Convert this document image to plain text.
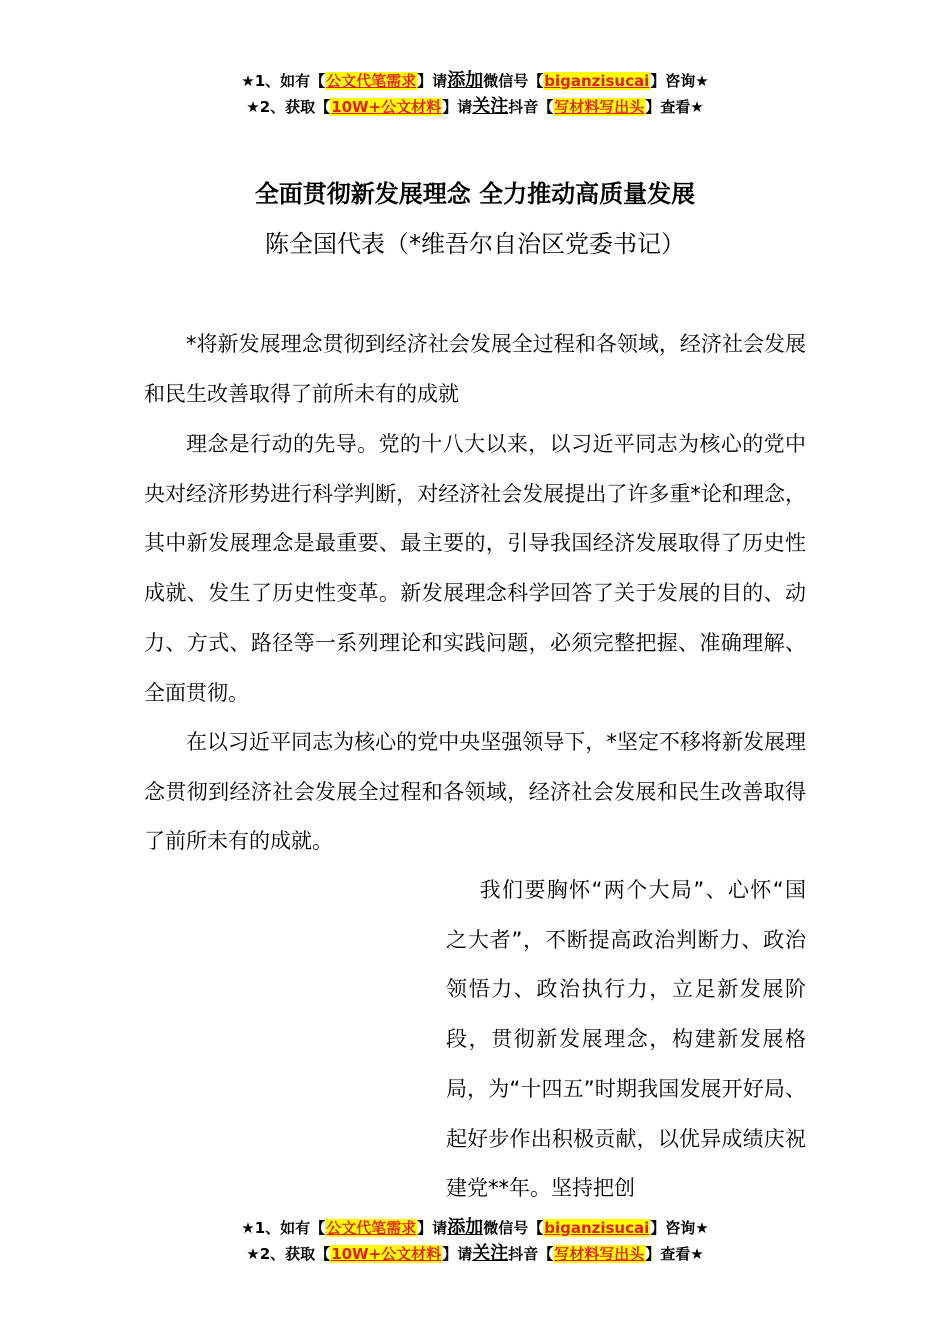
★1、如有【公文代笔需求】请添加微信号【biganzisucai】咨询★
★2、获取【10W+公文材料】请关注抖音【写材料写出头】查看★
全面贯彻新发展理念 全力推动高质量发展
陈全国代表（*维吾尔自治区党委书记）

*将新发展理念贯彻到经济社会发展全过程和各领域，经济社会发展和民生改善取得了前所未有的成就

理念是行动的先导。党的十八大以来，以习近平同志为核心的党中央对经济形势进行科学判断，对经济社会发展提出了许多重*论和理念，其中新发展理念是最重要、最主要的，引导我国经济发展取得了历史性成就、发生了历史性变革。新发展理念科学回答了关于发展的目的、动力、方式、路径等一系列理论和实践问题，必须完整把握、准确理解、全面贯彻。

在以习近平同志为核心的党中央坚强领导下，*坚定不移将新发展理念贯彻到经济社会发展全过程和各领域，经济社会发展和民生改善取得了前所未有的成就。

我们要胸怀“两个大局”、心怀“国之大者”，不断提高政治判断力、政治领悟力、政治执行力，立足新发展阶段，贯彻新发展理念，构建新发展格局，为“十四五”时期我国发展开好局、起好步作出积极贡献，以优异成绩庆祝建党**年。坚持把创

★1、如有【公文代笔需求】请添加微信号【biganzisucai】咨询★
★2、获取【10W+公文材料】请关注抖音【写材料写出头】查看★
